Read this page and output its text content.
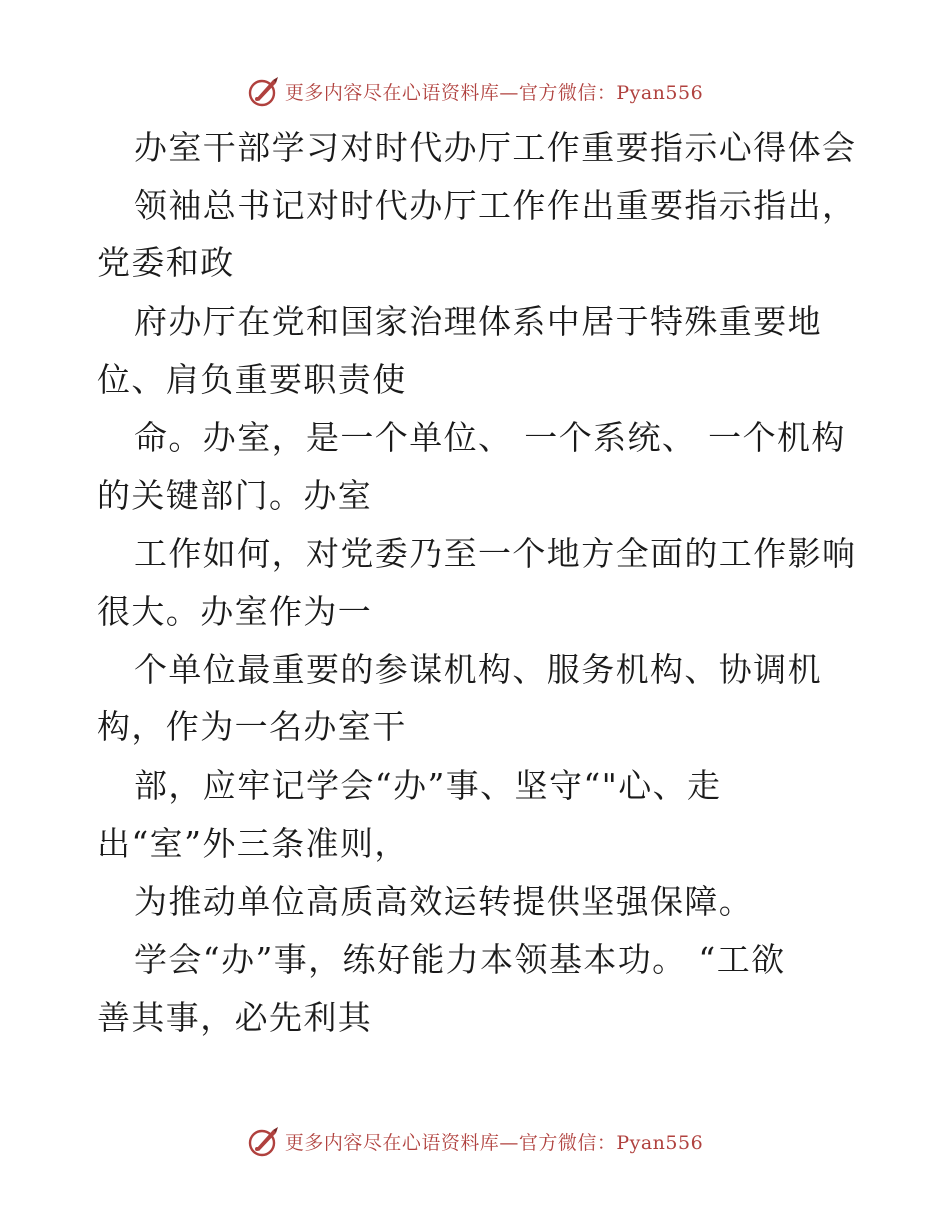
更多内容尽在心语资料库—官方微信：Pyan556
办室干部学习对时代办厅工作重要指示心得体会
领袖总书记对时代办厅工作作出重要指示指出，
党委和政
府办厅在党和国家治理体系中居于特殊重要地
位、肩负重要职责使
命。办室，是一个单位、 一个系统、 一个机构
的关键部门。办室
工作如何，对党委乃至一个地方全面的工作影响
很大。办室作为一
个单位最重要的参谋机构、服务机构、协调机
构，作为一名办室干
部，应牢记学会“办”事、坚守“"心、走
出“室”外三条准则，
为推动单位高质高效运转提供坚强保障。
学会“办”事，练好能力本领基本功。 “工欲
善其事，必先利其
更多内容尽在心语资料库—官方微信：Pyan556
